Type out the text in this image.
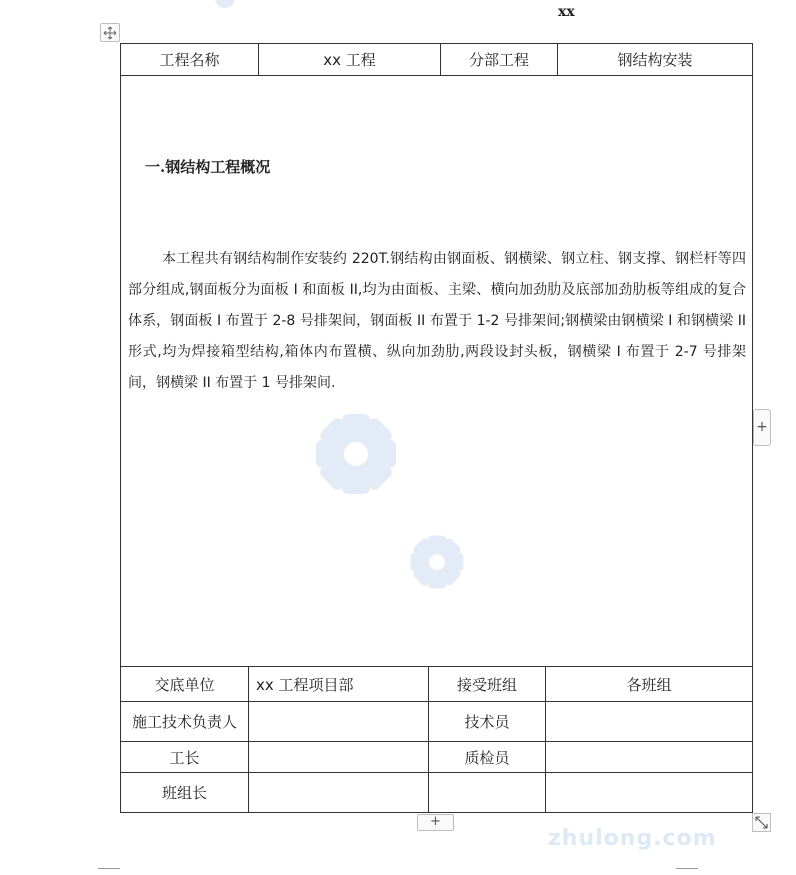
xx
工程名称		xx 工程		分部工程		钢结构安装

一.钢结构工程概况
本工程共有钢结构制作安装约 220T.钢结构由钢面板、钢横梁、钢立柱、钢支撑、钢栏杆等四部分组成,钢面板分为面板 I 和面板 II,均为由面板、主梁、横向加劲肋及底部加劲肋板等组成的复合体系，钢面板 I 布置于 2-8 号排架间，钢面板 II 布置于 1-2 号排架间;钢横梁由钢横梁 I 和钢横梁 II 形式,均为焊接箱型结构,箱体内布置横、纵向加劲肋,两段设封头板，钢横梁 I 布置于 2-7 号排架间，钢横梁 II 布置于 1 号排架间.						

交底单位	xx 工程项目部		接受班组		各班组	
施工技术负责人			技术员			
工长			质检员			
班组长						
+
+
zhulong.com
